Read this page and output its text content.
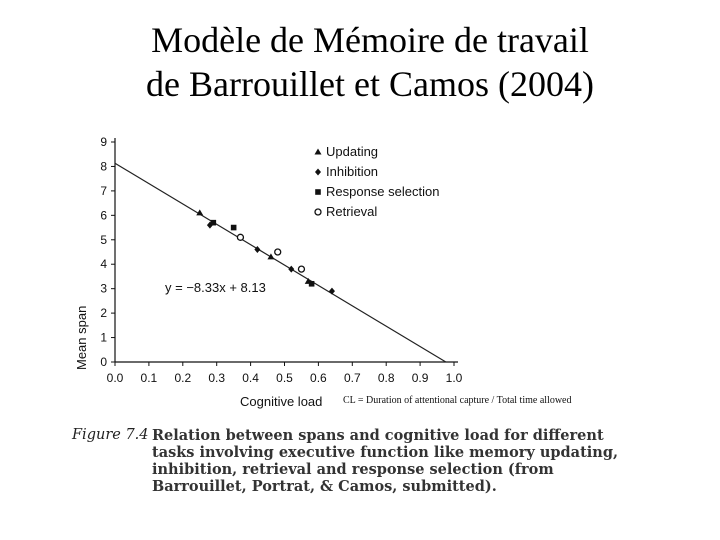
Modèle de Mémoire de travail
de Barrouillet et Camos (2004)
0
1
2
3
4
5
6
7
8
9
0.0 0.1 0.2 0.3 0.4 0.5 0.6 0.7 0.8 0.9 1.0
Updating
Inhibition
Response selection
Retrieval
y = −8.33x + 8.13
Mean span
Cognitive load CL = Duration of attentional capture / Total time allowed
Figure 7.4 Relation between spans and cognitive load for different tasks involving executive function like memory updating, inhibition, retrieval and response selection (from Barrouillet, Portrat, & Camos, submitted).
